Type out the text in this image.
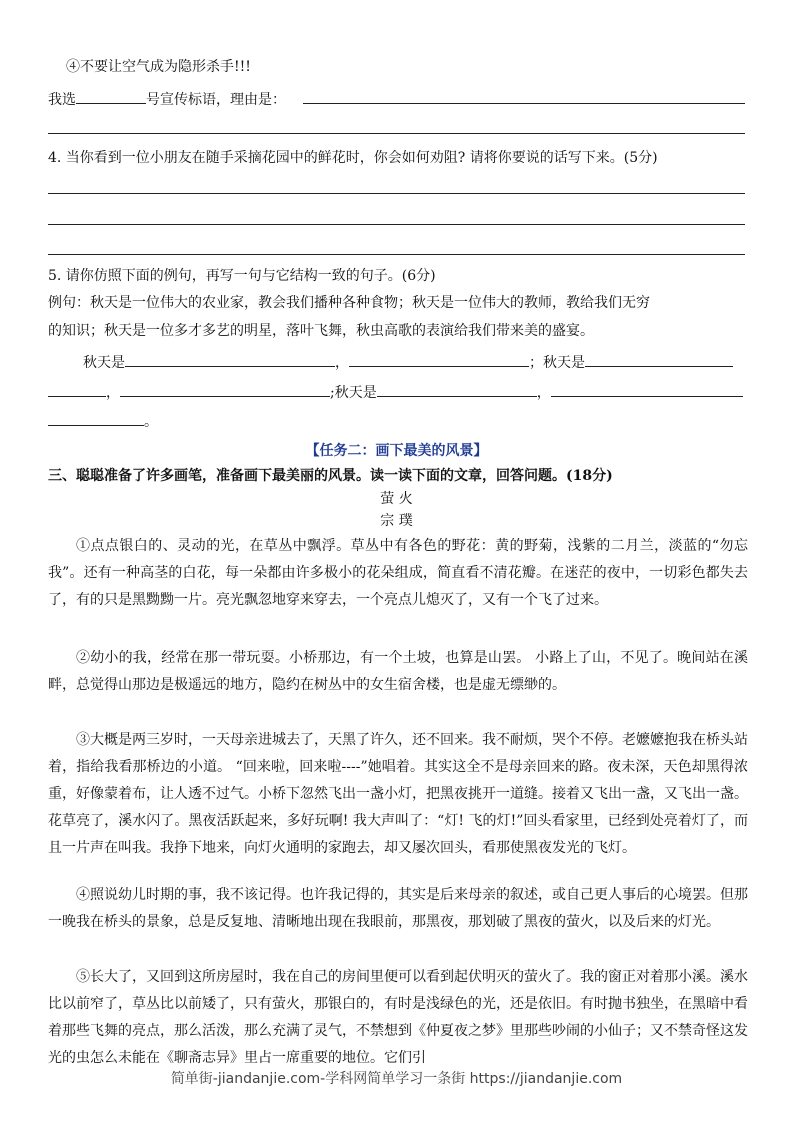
④不要让空气成为隐形杀手!!!
我选	号宣传标语，理由是：
4. 当你看到一位小朋友在随手采摘花园中的鲜花时，你会如何劝阻? 请将你要说的话写下来。(5分)
5. 请你仿照下面的例句，再写一句与它结构一致的句子。(6分)
例句：秋天是一位伟大的农业家，教会我们播种各种食物；秋天是一位伟大的教师，教给我们无穷
的知识；秋天是一位多才多艺的明星，落叶飞舞，秋虫高歌的表演给我们带来美的盛宴。
秋天是	，	；秋天是
，	;秋天是	，
。
【任务二：画下最美的风景】
三、聪聪准备了许多画笔，准备画下最美丽的风景。读一读下面的文章，回答问题。(18分)
萤 火
宗 璞

①点点银白的、灵动的光，在草丛中飘浮。草丛中有各色的野花：黄的野菊，浅紫的二月兰，淡蓝的“勿忘我”。还有一种高茎的白花，每一朵都由许多极小的花朵组成，简直看不清花瓣。在迷茫的夜中，一切彩色都失去了，有的只是黑黝黝一片。亮光飘忽地穿来穿去，一个亮点儿熄灭了，又有一个飞了过来。

②幼小的我，经常在那一带玩耍。小桥那边，有一个土坡，也算是山罢。 小路上了山，不见了。晚间站在溪畔，总觉得山那边是极遥远的地方，隐约在树丛中的女生宿舍楼，也是虚无缥缈的。

③大概是两三岁时，一天母亲进城去了，天黑了许久，还不回来。我不耐烦，哭个不停。老嬷嬷抱我在桥头站着，指给我看那桥边的小道。 “回来啦，回来啦----”她唱着。其实这全不是母亲回来的路。夜未深，天色却黑得浓重，好像蒙着布，让人透不过气。小桥下忽然飞出一盏小灯，把黑夜挑开一道缝。接着又飞出一盏，又飞出一盏。 花草亮了，溪水闪了。黑夜活跃起来，多好玩啊! 我大声叫了：“灯! 飞的灯!”回头看家里，已经到处亮着灯了，而且一片声在叫我。我挣下地来，向灯火通明的家跑去，却又屡次回头，看那使黑夜发光的飞灯。

④照说幼儿时期的事，我不该记得。也许我记得的，其实是后来母亲的叙述，或自己更人事后的心境罢。但那一晚我在桥头的景象，总是反复地、清晰地出现在我眼前，那黑夜，那划破了黑夜的萤火，以及后来的灯光。

⑤长大了，又回到这所房屋时，我在自己的房间里便可以看到起伏明灭的萤火了。我的窗正对着那小溪。溪水比以前窄了，草丛比以前矮了，只有萤火，那银白的，有时是浅绿色的光，还是依旧。有时抛书独坐，在黑暗中看着那些飞舞的亮点，那么活泼，那么充满了灵气，不禁想到《仲夏夜之梦》里那些吵闹的小仙子；又不禁奇怪这发光的虫怎么未能在《聊斋志异》里占一席重要的地位。它们引

简单街-jiandanjie.com-学科网简单学习一条街 https://jiandanjie.com
